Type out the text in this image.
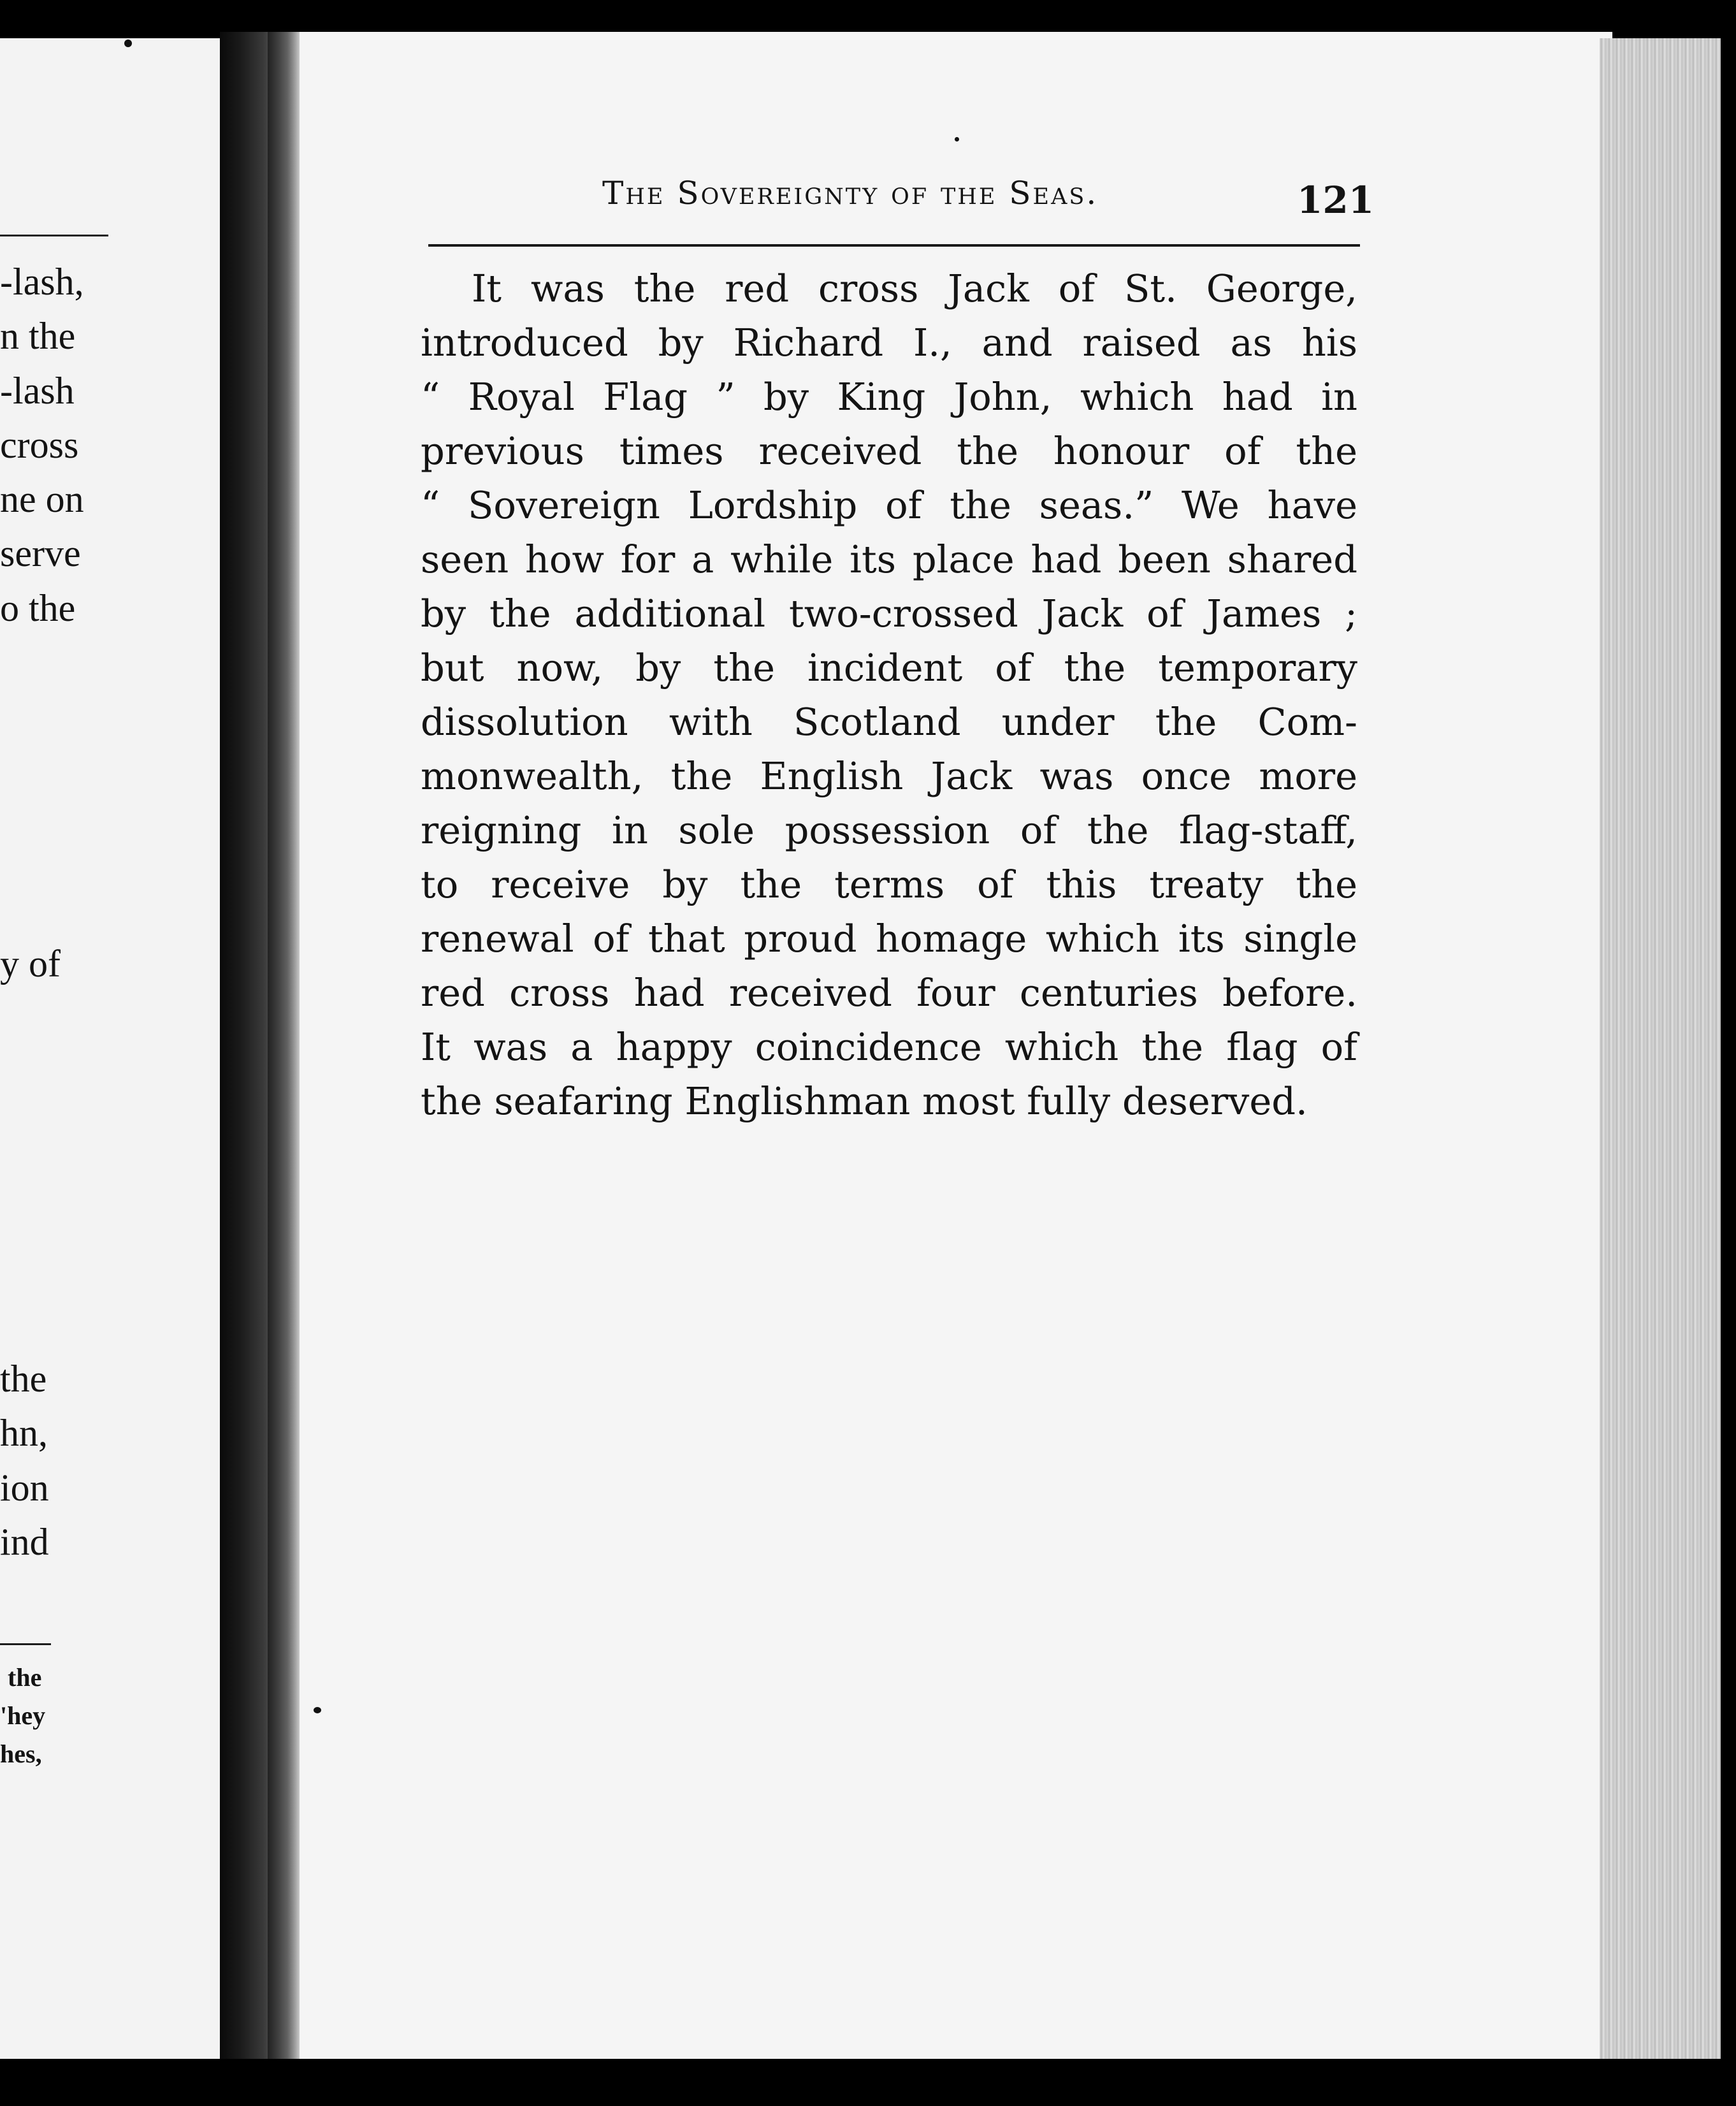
-lash,
n the
-lash
cross
ne on
serve
o the
y of
the
hn,
ion
ind
the
'hey
hes,
The Sovereignty of the Seas.	121
It was the red cross Jack of St. George,
introduced by Richard I., and raised as his
“ Royal Flag ” by King John, which had in
previous times received the honour of the
“ Sovereign Lordship of the seas.” We have
seen how for a while its place had been shared
by the additional two-crossed Jack of James ;
but now, by the incident of the temporary
dissolution with Scotland under the Com-
monwealth, the English Jack was once more
reigning in sole possession of the flag-staff,
to receive by the terms of this treaty the
renewal of that proud homage which its single
red cross had received four centuries before.
It was a happy coincidence which the flag of
the seafaring Englishman most fully deserved.
